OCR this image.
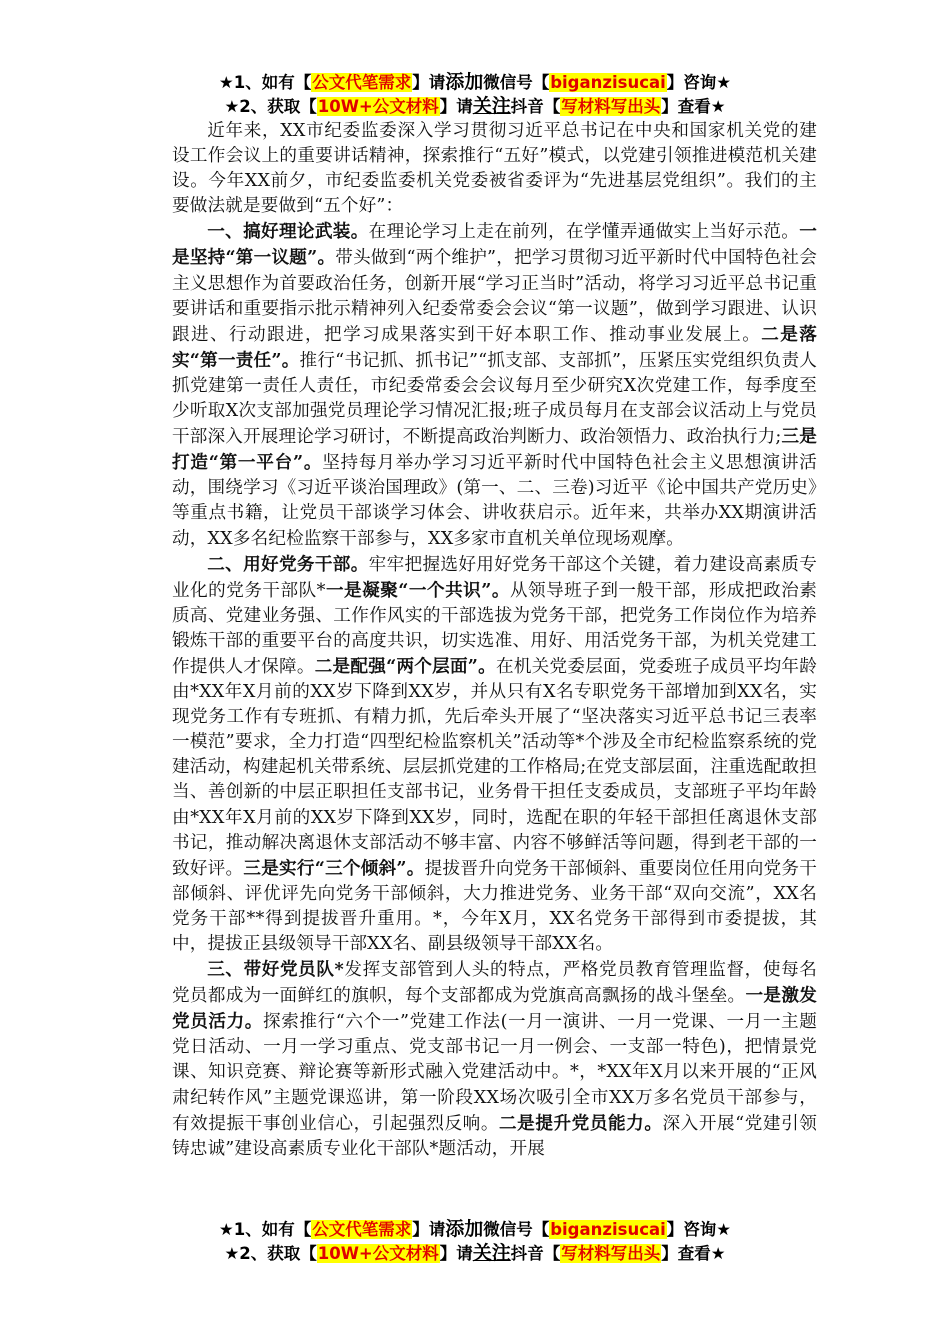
★1、如有【公文代笔需求】请添加微信号【biganzisucai】咨询★
★2、获取【10W+公文材料】请关注抖音【写材料写出头】查看★

近年来，XX市纪委监委深入学习贯彻习近平总书记在中央和国家机关党的建设工作会议上的重要讲话精神，探索推行“五好”模式，以党建引领推进模范机关建设。今年XX前夕，市纪委监委机关党委被省委评为“先进基层党组织”。我们的主要做法就是要做到“五个好”：

一、搞好理论武装。在理论学习上走在前列，在学懂弄通做实上当好示范。一是坚持“第一议题”。带头做到“两个维护”，把学习贯彻习近平新时代中国特色社会主义思想作为首要政治任务，创新开展“学习正当时”活动，将学习习近平总书记重要讲话和重要指示批示精神列入纪委常委会会议“第一议题”，做到学习跟进、认识跟进、行动跟进，把学习成果落实到干好本职工作、推动事业发展上。二是落实“第一责任”。推行“书记抓、抓书记”“抓支部、支部抓”，压紧压实党组织负责人抓党建第一责任人责任，市纪委常委会会议每月至少研究X次党建工作，每季度至少听取X次支部加强党员理论学习情况汇报;班子成员每月在支部会议活动上与党员干部深入开展理论学习研讨，不断提高政治判断力、政治领悟力、政治执行力;三是打造“第一平台”。坚持每月举办学习习近平新时代中国特色社会主义思想演讲活动，围绕学习《习近平谈治国理政》(第一、二、三卷)习近平《论中国共产党历史》等重点书籍，让党员干部谈学习体会、讲收获启示。近年来，共举办XX期演讲活动，XX多名纪检监察干部参与，XX多家市直机关单位现场观摩。

二、用好党务干部。牢牢把握选好用好党务干部这个关键，着力建设高素质专业化的党务干部队*一是凝聚“一个共识”。从领导班子到一般干部，形成把政治素质高、党建业务强、工作作风实的干部选拔为党务干部，把党务工作岗位作为培养锻炼干部的重要平台的高度共识，切实选准、用好、用活党务干部，为机关党建工作提供人才保障。二是配强“两个层面”。在机关党委层面，党委班子成员平均年龄由*XX年X月前的XX岁下降到XX岁，并从只有X名专职党务干部增加到XX名，实现党务工作有专班抓、有精力抓，先后牵头开展了“坚决落实习近平总书记三表率一模范”要求，全力打造“四型纪检监察机关”活动等*个涉及全市纪检监察系统的党建活动，构建起机关带系统、层层抓党建的工作格局;在党支部层面，注重选配敢担当、善创新的中层正职担任支部书记，业务骨干担任支委成员，支部班子平均年龄由*XX年X月前的XX岁下降到XX岁，同时，选配在职的年轻干部担任离退休支部书记，推动解决离退休支部活动不够丰富、内容不够鲜活等问题，得到老干部的一致好评。三是实行“三个倾斜”。提拔晋升向党务干部倾斜、重要岗位任用向党务干部倾斜、评优评先向党务干部倾斜，大力推进党务、业务干部“双向交流”，XX名党务干部**得到提拔晋升重用。*，今年X月，XX名党务干部得到市委提拔，其中，提拔正县级领导干部XX名、副县级领导干部XX名。

三、带好党员队*发挥支部管到人头的特点，严格党员教育管理监督，使每名党员都成为一面鲜红的旗帜，每个支部都成为党旗高高飘扬的战斗堡垒。一是激发党员活力。探索推行“六个一”党建工作法(一月一演讲、一月一党课、一月一主题党日活动、一月一学习重点、党支部书记一月一例会、一支部一特色)，把情景党课、知识竞赛、辩论赛等新形式融入党建活动中。*，*XX年X月以来开展的“正风肃纪转作风”主题党课巡讲，第一阶段XX场次吸引全市XX万多名党员干部参与，有效提振干事创业信心，引起强烈反响。二是提升党员能力。深入开展“党建引领铸忠诚”建设高素质专业化干部队*题活动，开展

★1、如有【公文代笔需求】请添加微信号【biganzisucai】咨询★
★2、获取【10W+公文材料】请关注抖音【写材料写出头】查看★
